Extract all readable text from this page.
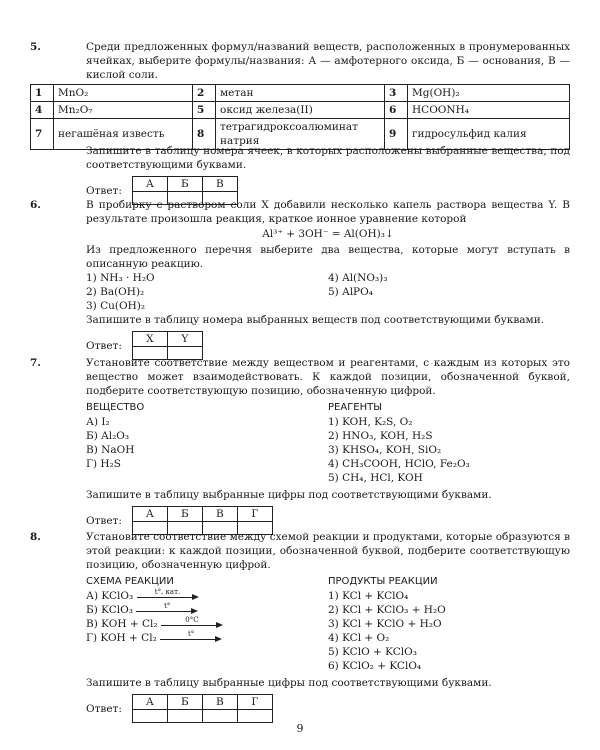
5.	Среди предложенных формул/названий веществ, расположенных в пронумерованных ячейках, выберите формулы/названия: А — амфотерного оксида, Б — основания, В — кислой соли.

1	MnO₂	2	метан	3	Mg(OH)₂
4	Mn₂O₇	5	оксид железа(II)	6	HCOONH₄
7	негашёная известь	8	тетрагидроксоалюминат натрия	9	гидросульфид калия

Запишите в таблицу номера ячеек, в которых расположены выбранные вещества, под соответствующими буквами.

Ответ:
А	Б	В

6.	В пробирку с раствором соли X добавили несколько капель раствора вещества Y. В результате произошла реакция, краткое ионное уравнение которой

Al³⁺ + 3OH⁻ = Al(OH)₃↓

Из предложенного перечня выберите два вещества, которые могут вступать в описанную реакцию.

1) NH₃ · H₂O

2) Ba(OH)₂

3) Cu(OH)₂

4) Al(NO₃)₃

5) AlPO₄

Запишите в таблицу номера выбранных веществ под соответствующими буквами.

Ответ:
X	Y

7.	Установите соответствие между веществом и реагентами, с каждым из которых это вещество может взаимодействовать. К каждой позиции, обозначенной буквой, подберите соответствующую позицию, обозначенную цифрой.

ВЕЩЕСТВО

А) I₂

Б) Al₂O₃

В) NaOH

Г) H₂S

РЕАГЕНТЫ

1) KOH, K₂S, O₂

2) HNO₃, KOH, H₂S

3) KHSO₄, KOH, SiO₂

4) CH₃COOH, HClO, Fe₂O₃

5) CH₄, HCl, KOH

Запишите в таблицу выбранные цифры под соответствующими буквами.

Ответ:
А	Б	В	Г

8.	Установите соответствие между схемой реакции и продуктами, которые образуются в этой реакции: к каждой позиции, обозначенной буквой, подберите соответствующую позицию, обозначенную цифрой.

СХЕМА РЕАКЦИИ

А) KClO₃	t°, кат.

Б) KClO₃	t°

В) KOH + Cl₂	0°C

Г) KOH + Cl₂	t°

ПРОДУКТЫ РЕАКЦИИ

1) KCl + KClO₄

2) KCl + KClO₃ + H₂O

3) KCl + KClO + H₂O

4) KCl + O₂

5) KClO + KClO₃

6) KClO₂ + KClO₄

Запишите в таблицу выбранные цифры под соответствующими буквами.

Ответ:
А	Б	В	Г

9
